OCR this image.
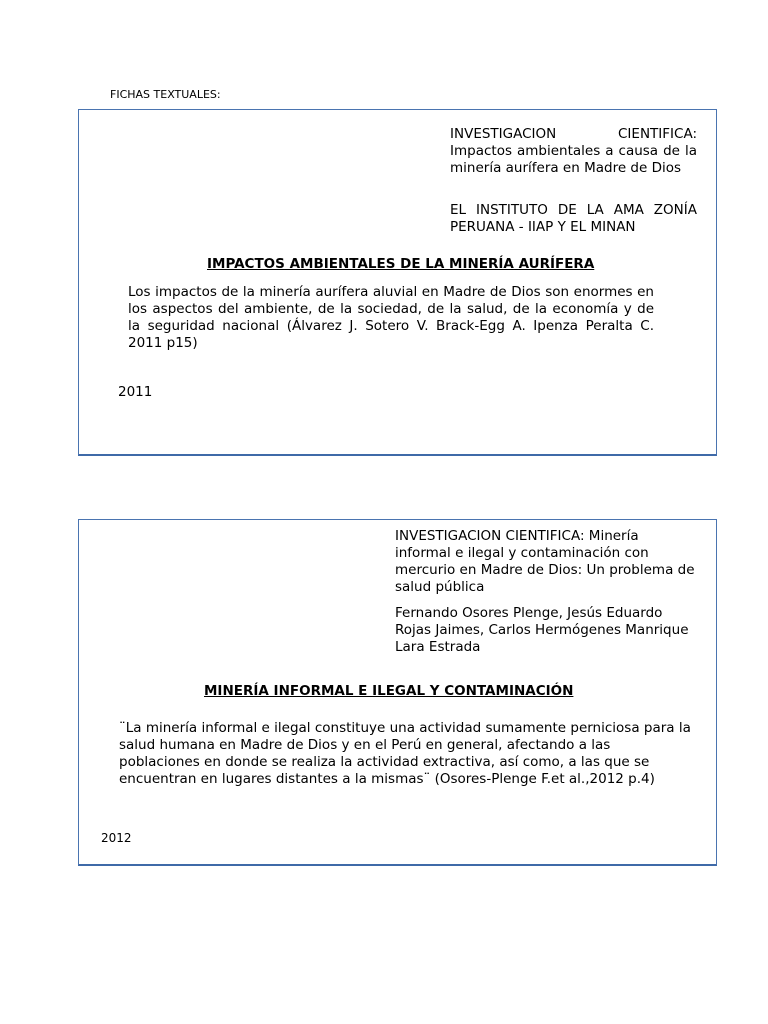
FICHAS TEXTUALES:
INVESTIGACION CIENTIFICA: Impactos ambientales a causa de la minería aurífera en Madre de Dios
EL INSTITUTO DE LA AMA ZONÍA PERUANA - IIAP Y EL MINAN
IMPACTOS AMBIENTALES DE LA MINERÍA AURÍFERA
Los impactos de la minería aurífera aluvial en Madre de Dios son enormes en los aspectos del ambiente, de la sociedad, de la salud, de la economía y de la seguridad nacional (Álvarez J. Sotero V. Brack-Egg A. Ipenza Peralta C. 2011 p15)
2011
INVESTIGACION CIENTIFICA: Minería informal e ilegal y contaminación con mercurio en Madre de Dios: Un problema de salud pública
Fernando Osores Plenge, Jesús Eduardo Rojas Jaimes, Carlos Hermógenes Manrique Lara Estrada
MINERÍA INFORMAL E ILEGAL Y CONTAMINACIÓN
¨La minería informal e ilegal constituye una actividad sumamente perniciosa para la salud humana en Madre de Dios y en el Perú en general, afectando a las poblaciones en donde se realiza la actividad extractiva, así como, a las que se encuentran en lugares distantes a la mismas¨ (Osores-Plenge F.et al.,2012 p.4)
2012
